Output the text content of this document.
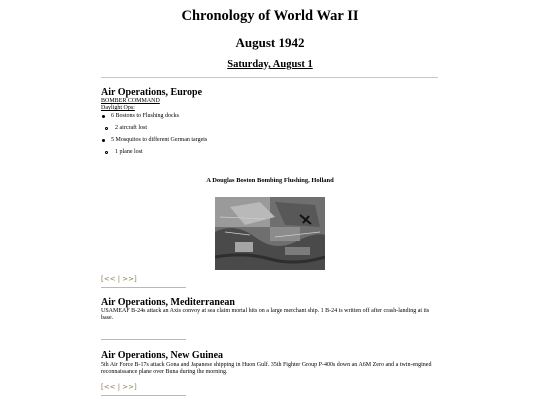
Chronology of World War II
August 1942
Saturday, August 1
Air Operations, Europe
BOMBER COMMAND
Daylight Ops:
6 Bostons to Flushing docks
2 aircraft lost
5 Mosquitos to different German targets
1 plane lost
A Douglas Boston Bombing Flushing, Holland
[<< | >>]
Air Operations, Mediterranean
USAMEAF B-24s attack an Axis convoy at sea claim mortal hits on a large merchant ship. 1 B-24 is written off after crash-landing at its base.
Air Operations, New Guinea
5th Air Force B-17s attack Gona and Japanese shipping in Huon Gulf. 35th Fighter Group P-400s down an A6M Zero and a twin-engined reconnaissance plane over Buna during the morning.
[<< | >>]
